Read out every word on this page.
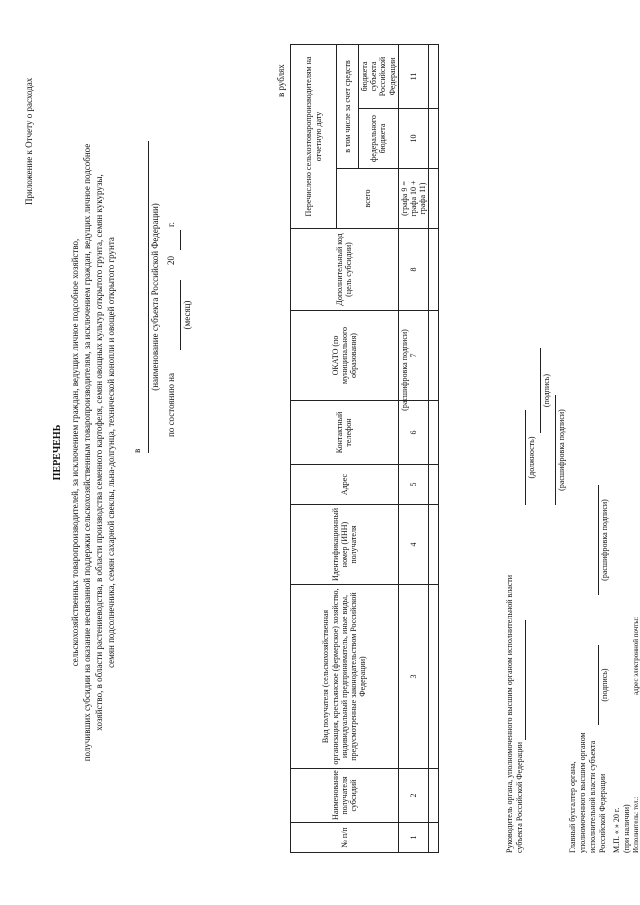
Приложение к Отчету о расходах
ПЕРЕЧЕНЬ сельскохозяйственных товаропроизводителей, за исключением граждан, ведущих личное подсобное хозяйство, получивших субсидии на оказание несвязанной поддержки сельскохозяйственным товаропроизводителям, за исключением граждан, ведущих личное подсобное хозяйство, в области растениеводства, в области производства семенного картофеля, семян овощных культур открытого грунта, семян кукурузы, семян подсолнечника, семян сахарной свеклы, льна-долгунца, технической конопли и овощей открытого грунта в
(наименование субъекта Российской Федерации)
по состоянию на
20
г.
(месяц)
в рублях
№ п/п	Наименование получателя субсидий	Вид получателя (сельскохозяйственная организация, крестьянское (фермерское) хозяйство, индивидуальный предприниматель, иные виды, предусмотренные законодательством Российской Федерации)	Идентификационный номер (ИНН) получателя	Адрес	Контактный телефон	ОКАТО (по муниципального образования)	Дополнительный код (цель субсидии)	Перечислено сельхозтоваропроизводителям на отчетную дату		
								всего	в том числе за счет средств	
									федерального бюджета	бюджета субъекта Российской Федерации
1	2	3	4	5	6	7	8	(графа 9 = графа 10 + графа 11)	10	11

Руководитель органа, уполномоченного высшим органом исполнительной власти субъекта Российской Федерации
(должность)
(подпись)
(расшифровка подписи)
(расшифровка подписи)
Главный бухгалтер органа, уполномоченного высшим органом исполнительной власти субъекта Российской Федерации
(подпись)
(расшифровка подписи)
М.П. « » 20 г. (при наличии) Исполнитель: тел.:
адрес электронной почты:
